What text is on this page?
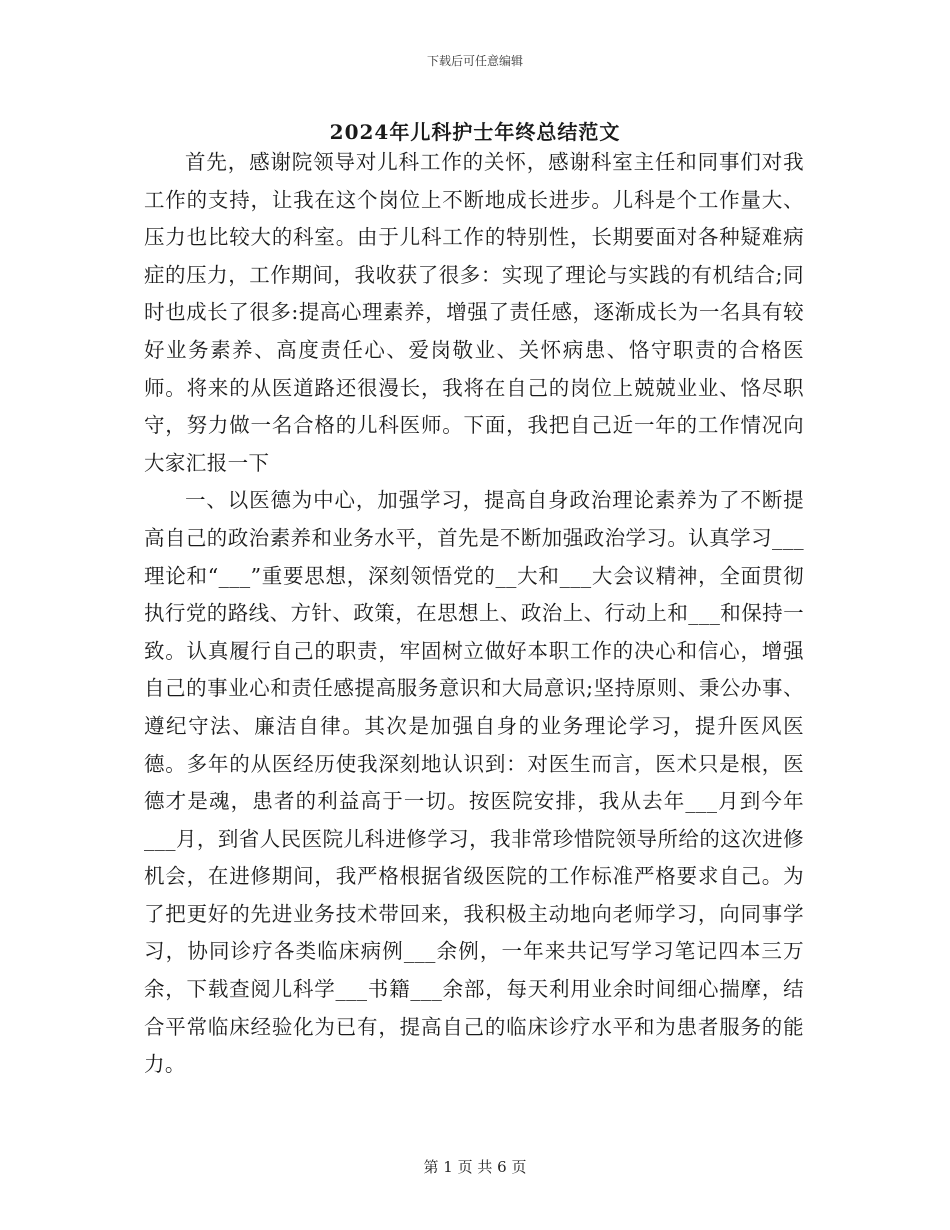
下载后可任意编辑
2024年儿科护士年终总结范文

首先，感谢院领导对儿科工作的关怀，感谢科室主任和同事们对我工作的支持，让我在这个岗位上不断地成长进步。儿科是个工作量大、压力也比较大的科室。由于儿科工作的特别性，长期要面对各种疑难病症的压力，工作期间，我收获了很多：实现了理论与实践的有机结合;同时也成长了很多:提高心理素养，增强了责任感，逐渐成长为一名具有较好业务素养、高度责任心、爱岗敬业、关怀病患、恪守职责的合格医师。将来的从医道路还很漫长，我将在自己的岗位上兢兢业业、恪尽职守，努力做一名合格的儿科医师。下面，我把自己近一年的工作情况向大家汇报一下

一、以医德为中心，加强学习，提高自身政治理论素养为了不断提高自己的政治素养和业务水平，首先是不断加强政治学习。认真学习___理论和“___”重要思想，深刻领悟党的__大和___大会议精神，全面贯彻执行党的路线、方针、政策，在思想上、政治上、行动上和___和保持一致。认真履行自己的职责，牢固树立做好本职工作的决心和信心，增强自己的事业心和责任感提高服务意识和大局意识;坚持原则、秉公办事、遵纪守法、廉洁自律。其次是加强自身的业务理论学习，提升医风医德。多年的从医经历使我深刻地认识到：对医生而言，医术只是根，医德才是魂，患者的利益高于一切。按医院安排，我从去年___月到今年___月，到省人民医院儿科进修学习，我非常珍惜院领导所给的这次进修机会，在进修期间，我严格根据省级医院的工作标准严格要求自己。为了把更好的先进业务技术带回来，我积极主动地向老师学习，向同事学习，协同诊疗各类临床病例___余例，一年来共记写学习笔记四本三万余，下载查阅儿科学___书籍___余部，每天利用业余时间细心揣摩，结合平常临床经验化为已有，提高自己的临床诊疗水平和为患者服务的能力。

第 1 页 共 6 页
